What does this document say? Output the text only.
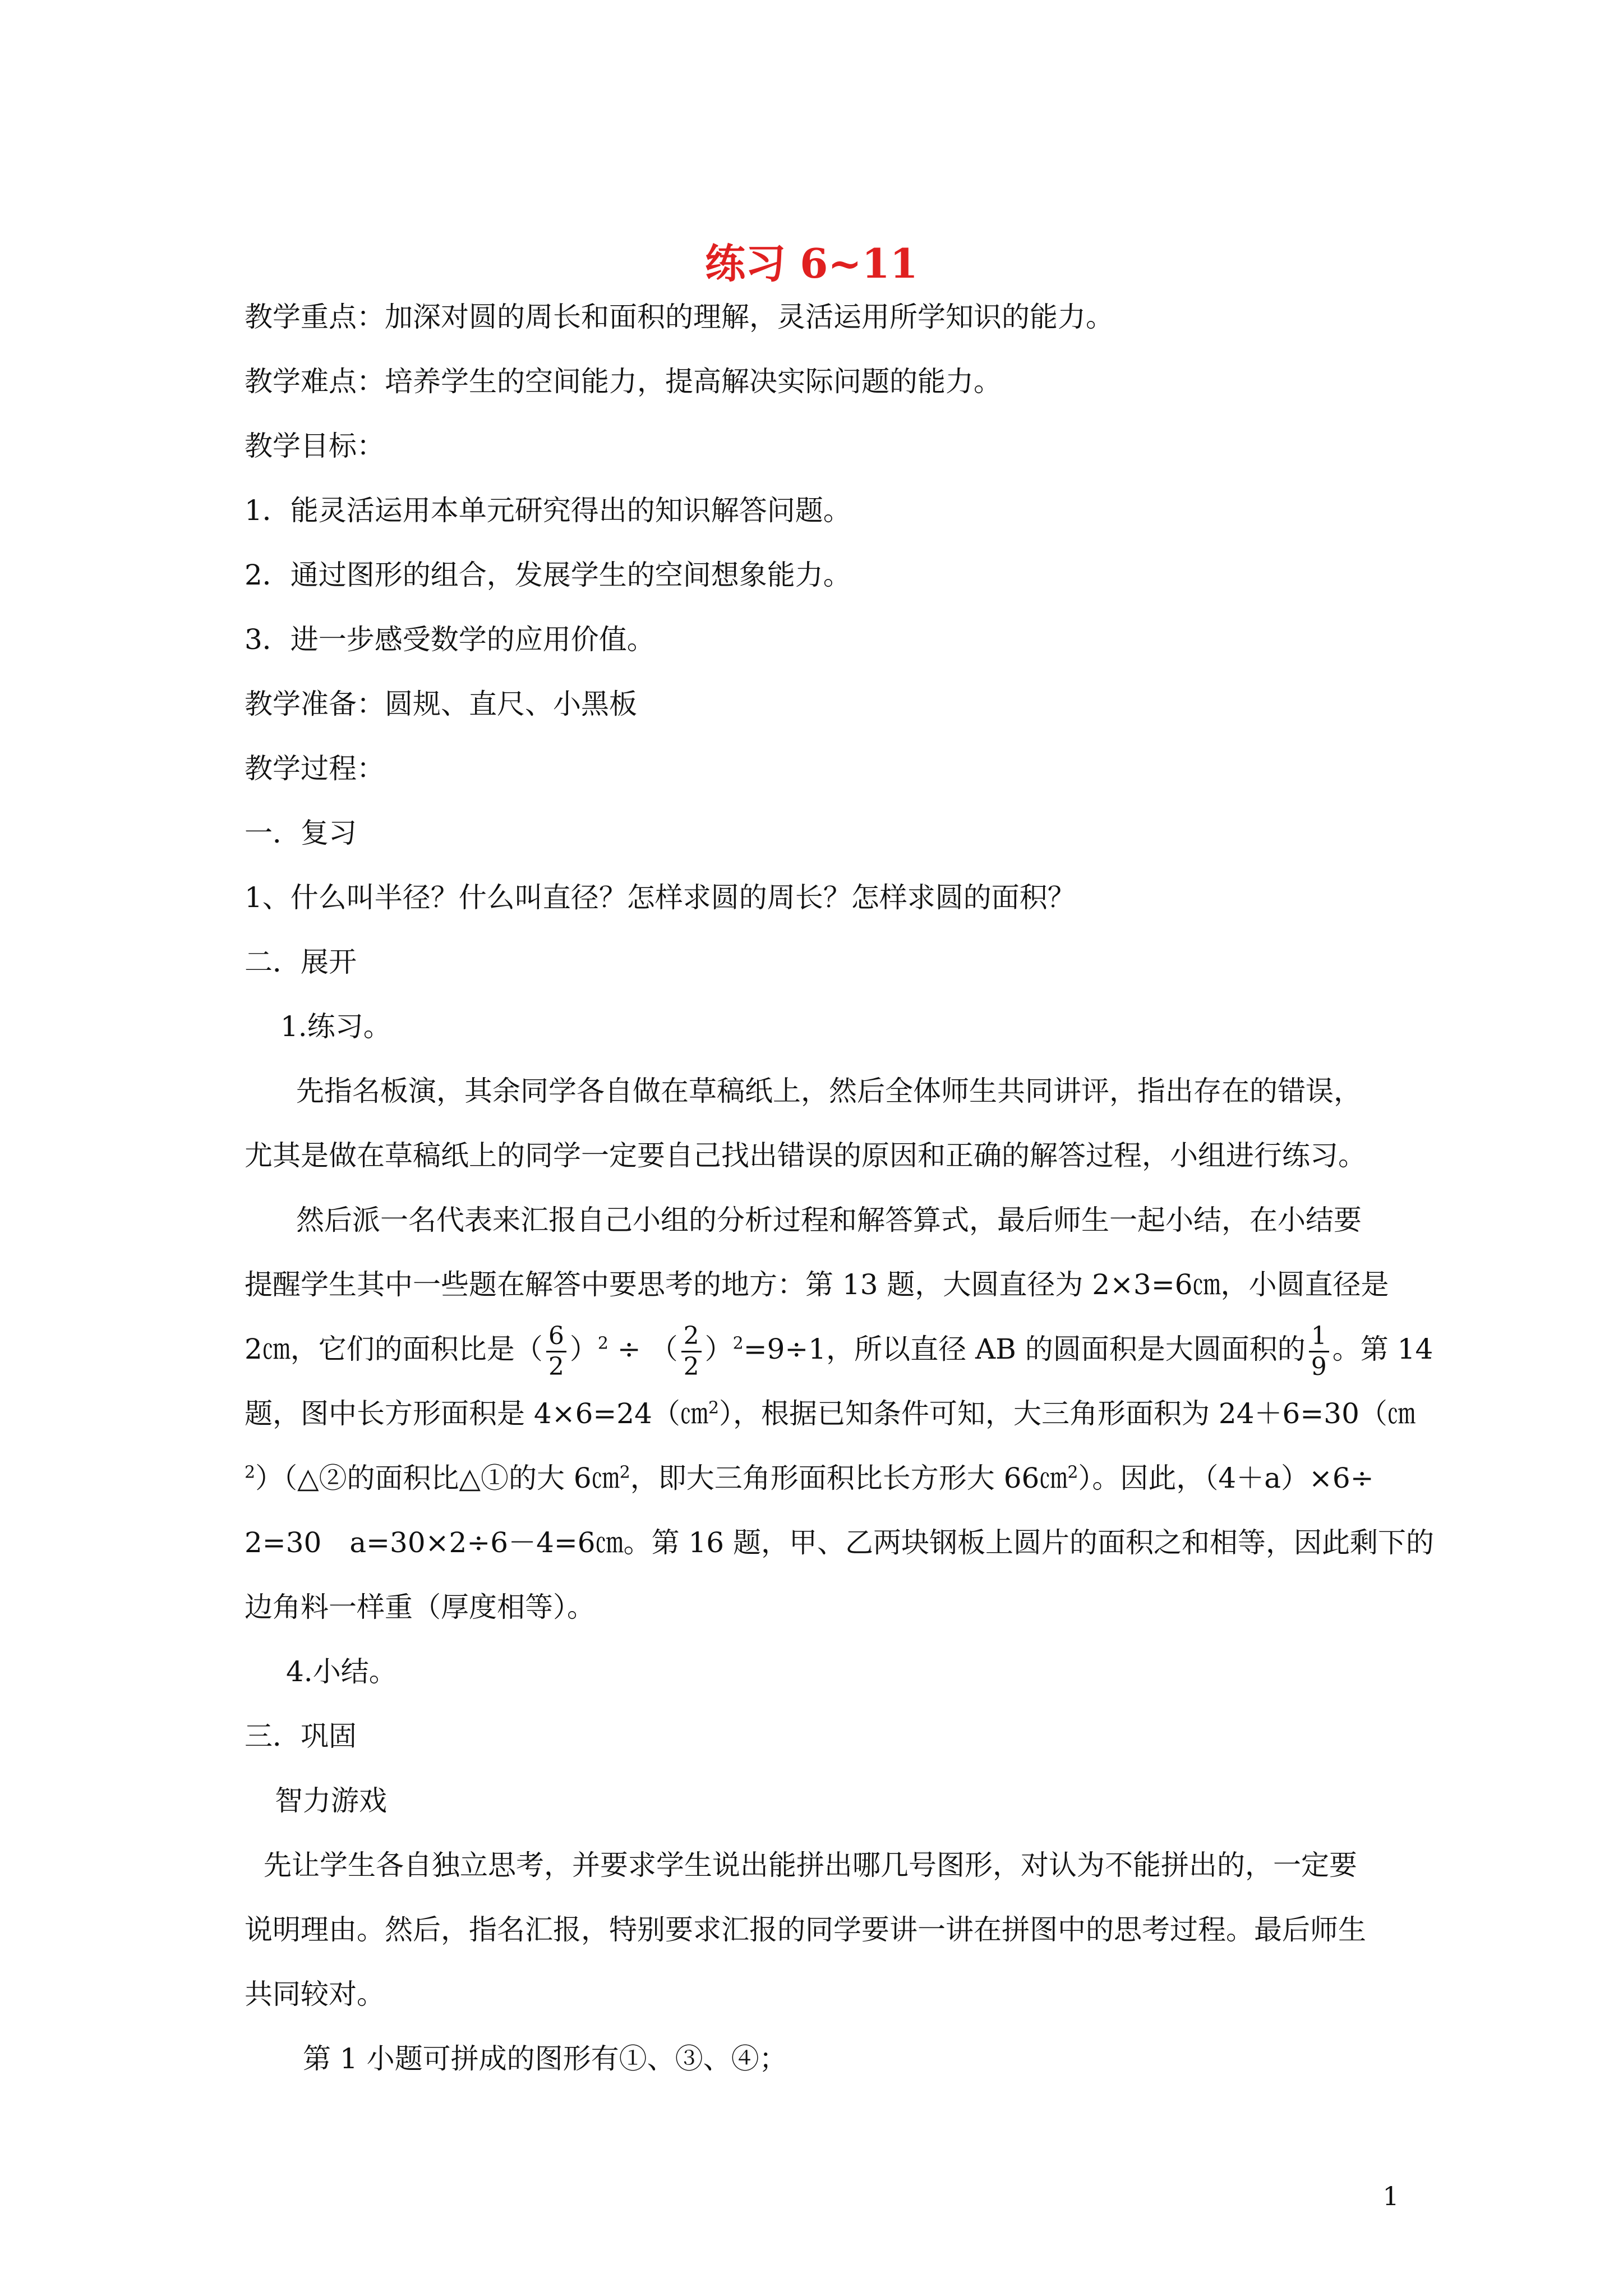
练习 6~11

教学重点：加深对圆的周长和面积的理解，灵活运用所学知识的能力。

教学难点：培养学生的空间能力，提高解决实际问题的能力。

教学目标：

1．能灵活运用本单元研究得出的知识解答问题。

2．通过图形的组合，发展学生的空间想象能力。

3．进一步感受数学的应用价值。

教学准备：圆规、直尺、小黑板

教学过程：

一．复习

1、什么叫半径？什么叫直径？怎样求圆的周长？怎样求圆的面积？

二．展开

1.练习。

先指名板演，其余同学各自做在草稿纸上，然后全体师生共同讲评，指出存在的错误，

尤其是做在草稿纸上的同学一定要自己找出错误的原因和正确的解答过程，小组进行练习。

然后派一名代表来汇报自己小组的分析过程和解答算式，最后师生一起小结，在小结要

提醒学生其中一些题在解答中要思考的地方：第 13 题，大圆直径为 2×3=6㎝，小圆直径是

2㎝，它们的面积比是（ $\frac{6}{2} )^2$ ÷ （ $\frac{2}{2} )^2=9\div 1$，所以直径 AB 的圆面积是大圆面积的 $\frac{1}{9}$ 。第 14

题，图中长方形面积是 4×6=24（㎝$^2$），根据已知条件可知，大三角形面积为 24＋6=30（㎝

$^2$）（△②的面积比△①的大 6㎝$^2$，即大三角形面积比长方形大 66㎝$^2$）。因此，（4＋a）×6÷

2=30　a=30×2÷6－4=6㎝。第 16 题，甲、乙两块钢板上圆片的面积之和相等，因此剩下的

边角料一样重（厚度相等）。

4.小结。

三．巩固

智力游戏

先让学生各自独立思考，并要求学生说出能拼出哪几号图形，对认为不能拼出的，一定要

说明理由。然后，指名汇报，特别要求汇报的同学要讲一讲在拼图中的思考过程。最后师生

共同较对。

第 1 小题可拼成的图形有①、③、④；

1
